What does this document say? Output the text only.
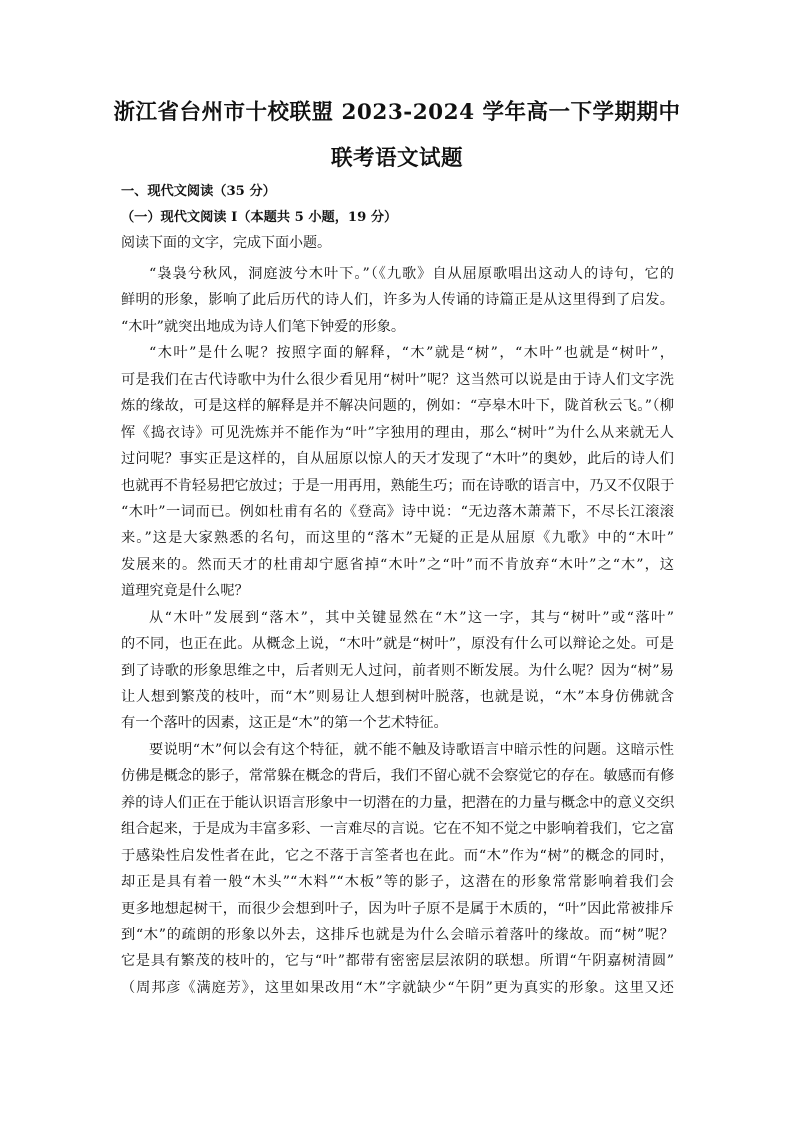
浙江省台州市十校联盟 2023-2024 学年高一下学期期中
联考语文试题
一、现代文阅读（35 分）
（一）现代文阅读 I（本题共 5 小题，19 分）
阅读下面的文字，完成下面小题。
“袅袅兮秋风，洞庭波兮木叶下。”（《九歌》自从屈原歌唱出这动人的诗句，它的
鲜明的形象，影响了此后历代的诗人们，许多为人传诵的诗篇正是从这里得到了启发。
“木叶”就突出地成为诗人们笔下钟爱的形象。
“木叶”是什么呢？按照字面的解释，“木”就是“树”，“木叶”也就是“树叶”，
可是我们在古代诗歌中为什么很少看见用“树叶”呢？这当然可以说是由于诗人们文字洗
炼的缘故，可是这样的解释是并不解决问题的，例如：“亭皋木叶下，陇首秋云飞。”（柳
恽《捣衣诗》可见洗炼并不能作为“叶”字独用的理由，那么“树叶”为什么从来就无人
过问呢？事实正是这样的，自从屈原以惊人的天才发现了“木叶”的奥妙，此后的诗人们
也就再不肯轻易把它放过；于是一用再用，熟能生巧；而在诗歌的语言中，乃又不仅限于
“木叶”一词而已。例如杜甫有名的《登高》诗中说：“无边落木萧萧下，不尽长江滚滚
来。”这是大家熟悉的名句，而这里的“落木”无疑的正是从屈原《九歌》中的“木叶”
发展来的。然而天才的杜甫却宁愿省掉“木叶”之“叶”而不肯放弃“木叶”之“木”，这
道理究竟是什么呢？
从“木叶”发展到“落木”，其中关键显然在“木”这一字，其与“树叶”或“落叶”
的不同，也正在此。从概念上说，“木叶”就是“树叶”，原没有什么可以辩论之处。可是
到了诗歌的形象思维之中，后者则无人过问，前者则不断发展。为什么呢？因为“树”易
让人想到繁茂的枝叶，而“木”则易让人想到树叶脱落，也就是说，“木”本身仿佛就含
有一个落叶的因素，这正是“木”的第一个艺术特征。
要说明“木”何以会有这个特征，就不能不触及诗歌语言中暗示性的问题。这暗示性
仿佛是概念的影子，常常躲在概念的背后，我们不留心就不会察觉它的存在。敏感而有修
养的诗人们正在于能认识语言形象中一切潜在的力量，把潜在的力量与概念中的意义交织
组合起来，于是成为丰富多彩、一言难尽的言说。它在不知不觉之中影响着我们，它之富
于感染性启发性者在此，它之不落于言筌者也在此。而“木”作为“树”的概念的同时，
却正是具有着一般“木头”“木料”“木板”等的影子，这潜在的形象常常影响着我们会
更多地想起树干，而很少会想到叶子，因为叶子原不是属于木质的，“叶”因此常被排斥
到“木”的疏朗的形象以外去，这排斥也就是为什么会暗示着落叶的缘故。而“树”呢？
它是具有繁茂的枝叶的，它与“叶”都带有密密层层浓阴的联想。所谓“午阴嘉树清圆”
（周邦彦《满庭芳》，这里如果改用“木”字就缺少“午阴”更为真实的形象。这里又还
